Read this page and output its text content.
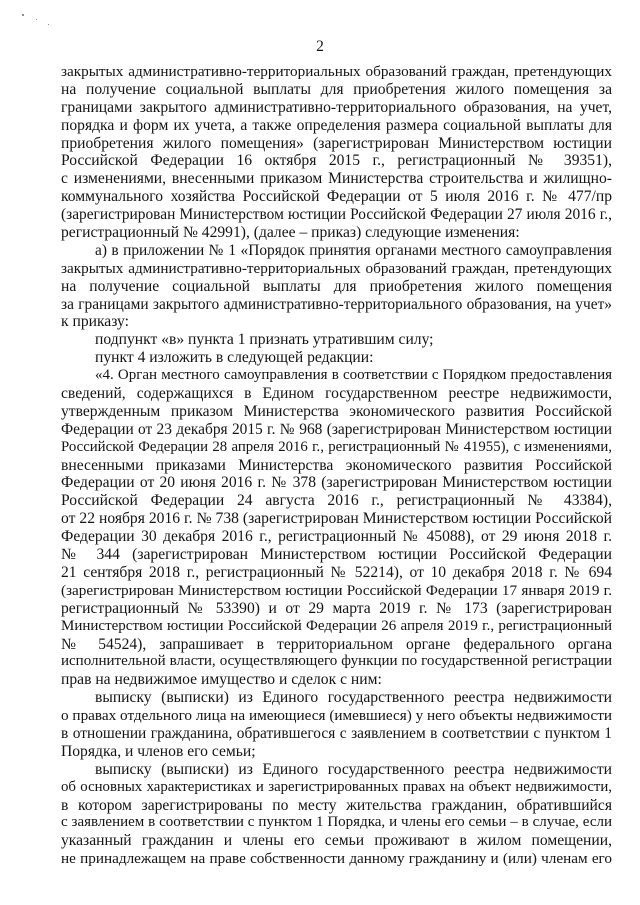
2
закрытых административно-территориальных образований граждан, претендующих
на получение социальной выплаты для приобретения жилого помещения за
границами закрытого административно-территориального образования, на учет,
порядка и форм их учета, а также определения размера социальной выплаты для
приобретения жилого помещения» (зарегистрирован Министерством юстиции
Российской Федерации 16 октября 2015 г., регистрационный № 39351),
с изменениями, внесенными приказом Министерства строительства и жилищно-
коммунального хозяйства Российской Федерации от 5 июля 2016 г. № 477/пр
(зарегистрирован Министерством юстиции Российской Федерации 27 июля 2016 г.,
регистрационный № 42991), (далее – приказ) следующие изменения:
а) в приложении № 1 «Порядок принятия органами местного самоуправления
закрытых административно-территориальных образований граждан, претендующих
на получение социальной выплаты для приобретения жилого помещения
за границами закрытого административно-территориального образования, на учет»
к приказу:
подпункт «в» пункта 1 признать утратившим силу;
пункт 4 изложить в следующей редакции:
«4. Орган местного самоуправления в соответствии с Порядком предоставления
сведений, содержащихся в Едином государственном реестре недвижимости,
утвержденным приказом Министерства экономического развития Российской
Федерации от 23 декабря 2015 г. № 968 (зарегистрирован Министерством юстиции
Российской Федерации 28 апреля 2016 г., регистрационный № 41955), с изменениями,
внесенными приказами Министерства экономического развития Российской
Федерации от 20 июня 2016 г. № 378 (зарегистрирован Министерством юстиции
Российской Федерации 24 августа 2016 г., регистрационный № 43384),
от 22 ноября 2016 г. № 738 (зарегистрирован Министерством юстиции Российской
Федерации 30 декабря 2016 г., регистрационный № 45088), от 29 июня 2018 г.
№ 344 (зарегистрирован Министерством юстиции Российской Федерации
21 сентября 2018 г., регистрационный № 52214), от 10 декабря 2018 г. № 694
(зарегистрирован Министерством юстиции Российской Федерации 17 января 2019 г.
регистрационный № 53390) и от 29 марта 2019 г. № 173 (зарегистрирован
Министерством юстиции Российской Федерации 26 апреля 2019 г., регистрационный
№ 54524), запрашивает в территориальном органе федерального органа
исполнительной власти, осуществляющего функции по государственной регистрации
прав на недвижимое имущество и сделок с ним:
выписку (выписки) из Единого государственного реестра недвижимости
о правах отдельного лица на имеющиеся (имевшиеся) у него объекты недвижимости
в отношении гражданина, обратившегося с заявлением в соответствии с пунктом 1
Порядка, и членов его семьи;
выписку (выписки) из Единого государственного реестра недвижимости
об основных характеристиках и зарегистрированных правах на объект недвижимости,
в котором зарегистрированы по месту жительства гражданин, обратившийся
с заявлением в соответствии с пунктом 1 Порядка, и члены его семьи – в случае, если
указанный гражданин и члены его семьи проживают в жилом помещении,
не принадлежащем на праве собственности данному гражданину и (или) членам его
